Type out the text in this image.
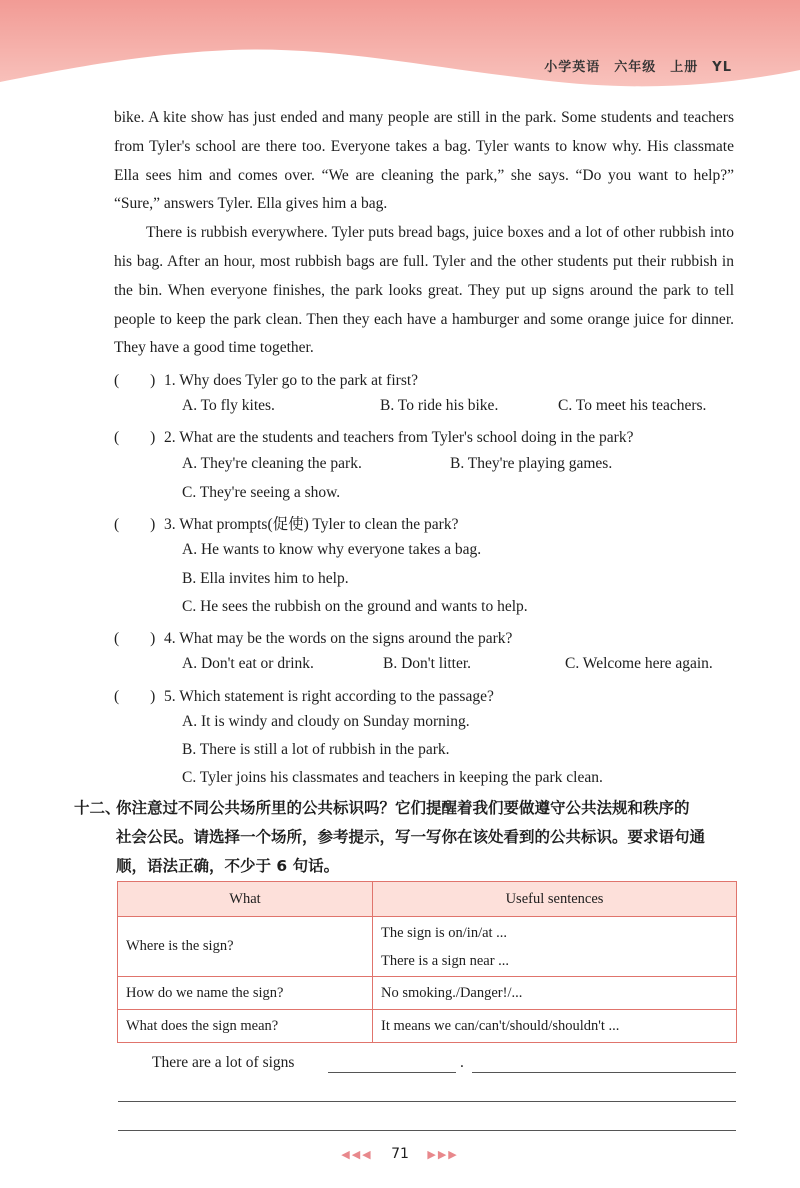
小学英语　六年级　上册　YL

bike. A kite show has just ended and many people are still in the park. Some students and teachers from Tyler's school are there too. Everyone takes a bag. Tyler wants to know why. His classmate Ella sees him and comes over. “We are cleaning the park,” she says. “Do you want to help?” “Sure,” answers Tyler. Ella gives him a bag.

There is rubbish everywhere. Tyler puts bread bags, juice boxes and a lot of other rubbish into his bag. After an hour, most rubbish bags are full. Tyler and the other students put their rubbish in the bin. When everyone finishes, the park looks great. They put up signs around the park to tell people to keep the park clean. Then they each have a hamburger and some orange juice for dinner. They have a good time together.

(　　) 1. Why does Tyler go to the park at first?
A. To fly kites.	B. To ride his bike.	C. To meet his teachers.
(　　) 2. What are the students and teachers from Tyler's school doing in the park?
A. They're cleaning the park.	B. They're playing games.
C. They're seeing a show.
(　　) 3. What prompts(促使) Tyler to clean the park?
A. He wants to know why everyone takes a bag.
B. Ella invites him to help.
C. He sees the rubbish on the ground and wants to help.
(　　) 4. What may be the words on the signs around the park?
A. Don't eat or drink.	B. Don't litter.	C. Welcome here again.
(　　) 5. Which statement is right according to the passage?
A. It is windy and cloudy on Sunday morning.
B. There is still a lot of rubbish in the park.
C. Tyler joins his classmates and teachers in keeping the park clean.
十二、
你注意过不同公共场所里的公共标识吗？它们提醒着我们要做遵守公共法规和秩序的
社会公民。请选择一个场所，参考提示，写一写你在该处看到的公共标识。要求语句通
顺，语法正确，不少于 6 句话。
What	Useful sentences
Where is the sign?	The sign is on/in/at ...
There is a sign near ...

How do we name the sign?	No smoking./Danger!/...
What does the sign mean?	It means we can/can't/should/shouldn't ...
There are a lot of signs	.
◀◀◀ 71 ▶▶▶
